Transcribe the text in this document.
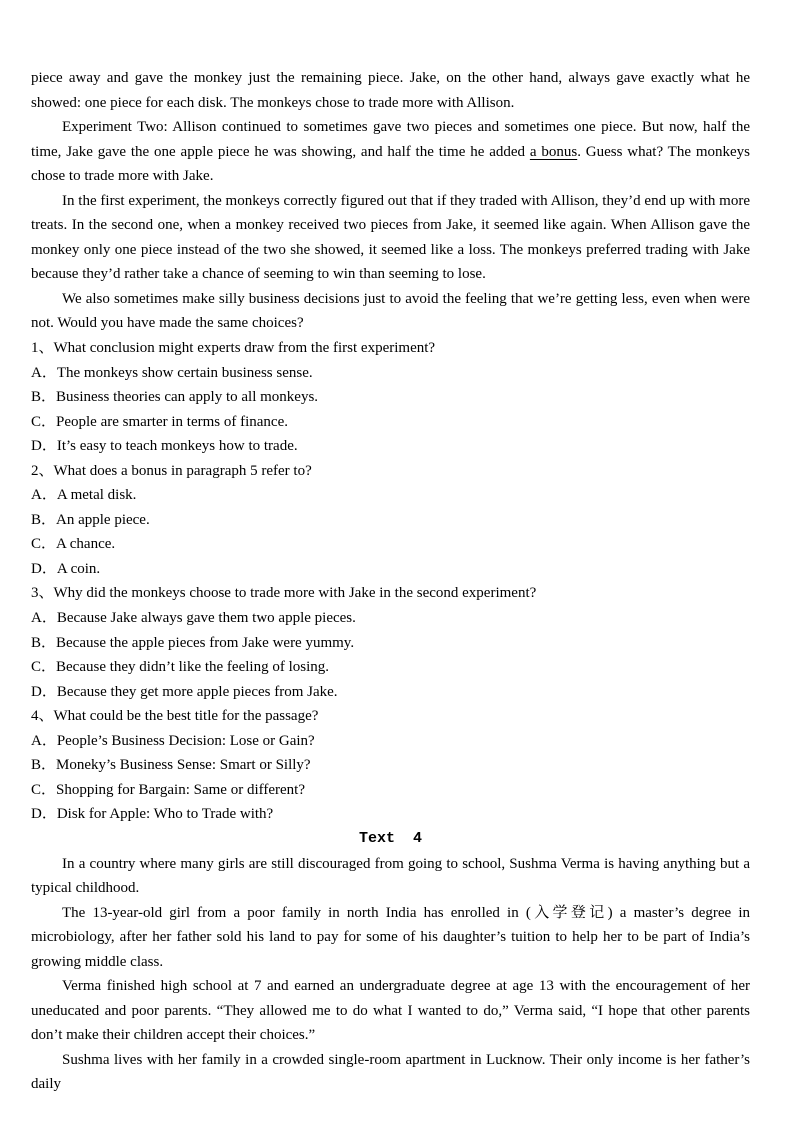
piece away and gave the monkey just the remaining piece. Jake, on the other hand, always gave exactly what he showed: one piece for each disk. The monkeys chose to trade more with Allison.

Experiment Two: Allison continued to sometimes gave two pieces and sometimes one piece. But now, half the time, Jake gave the one apple piece he was showing, and half the time he added a bonus. Guess what? The monkeys chose to trade more with Jake.

In the first experiment, the monkeys correctly figured out that if they traded with Allison, they’d end up with more treats. In the second one, when a monkey received two pieces from Jake, it seemed like again. When Allison gave the monkey only one piece instead of the two she showed, it seemed like a loss. The monkeys preferred trading with Jake because they’d rather take a chance of seeming to win than seeming to lose.

We also sometimes make silly business decisions just to avoid the feeling that we’re getting less, even when were not. Would you have made the same choices?

1、What conclusion might experts draw from the first experiment?

A．The monkeys show certain business sense.

B．Business theories can apply to all monkeys.

C．People are smarter in terms of finance.

D．It’s easy to teach monkeys how to trade.

2、What does a bonus in paragraph 5 refer to?

A．A metal disk.

B．An apple piece.

C．A chance.

D．A coin.

3、Why did the monkeys choose to trade more with Jake in the second experiment?

A．Because Jake always gave them two apple pieces.

B．Because the apple pieces from Jake were yummy.

C．Because they didn’t like the feeling of losing.

D．Because they get more apple pieces from Jake.

4、What could be the best title for the passage?

A．People’s Business Decision: Lose or Gain?

B．Moneky’s Business Sense: Smart or Silly?

C．Shopping for Bargain: Same or different?

D．Disk for Apple: Who to Trade with?

Text  4

In a country where many girls are still discouraged from going to school, Sushma Verma is having anything but a typical childhood.

The 13-year-old girl from a poor family in north India has enrolled in (入学登记) a master’s degree in microbiology, after her father sold his land to pay for some of his daughter’s tuition to help her to be part of India’s growing middle class.

Verma finished high school at 7 and earned an undergraduate degree at age 13 with the encouragement of her uneducated and poor parents. “They allowed me to do what I wanted to do,” Verma said, “I hope that other parents don’t make their children accept their choices.”

Sushma lives with her family in a crowded single-room apartment in Lucknow. Their only income is her father’s daily
